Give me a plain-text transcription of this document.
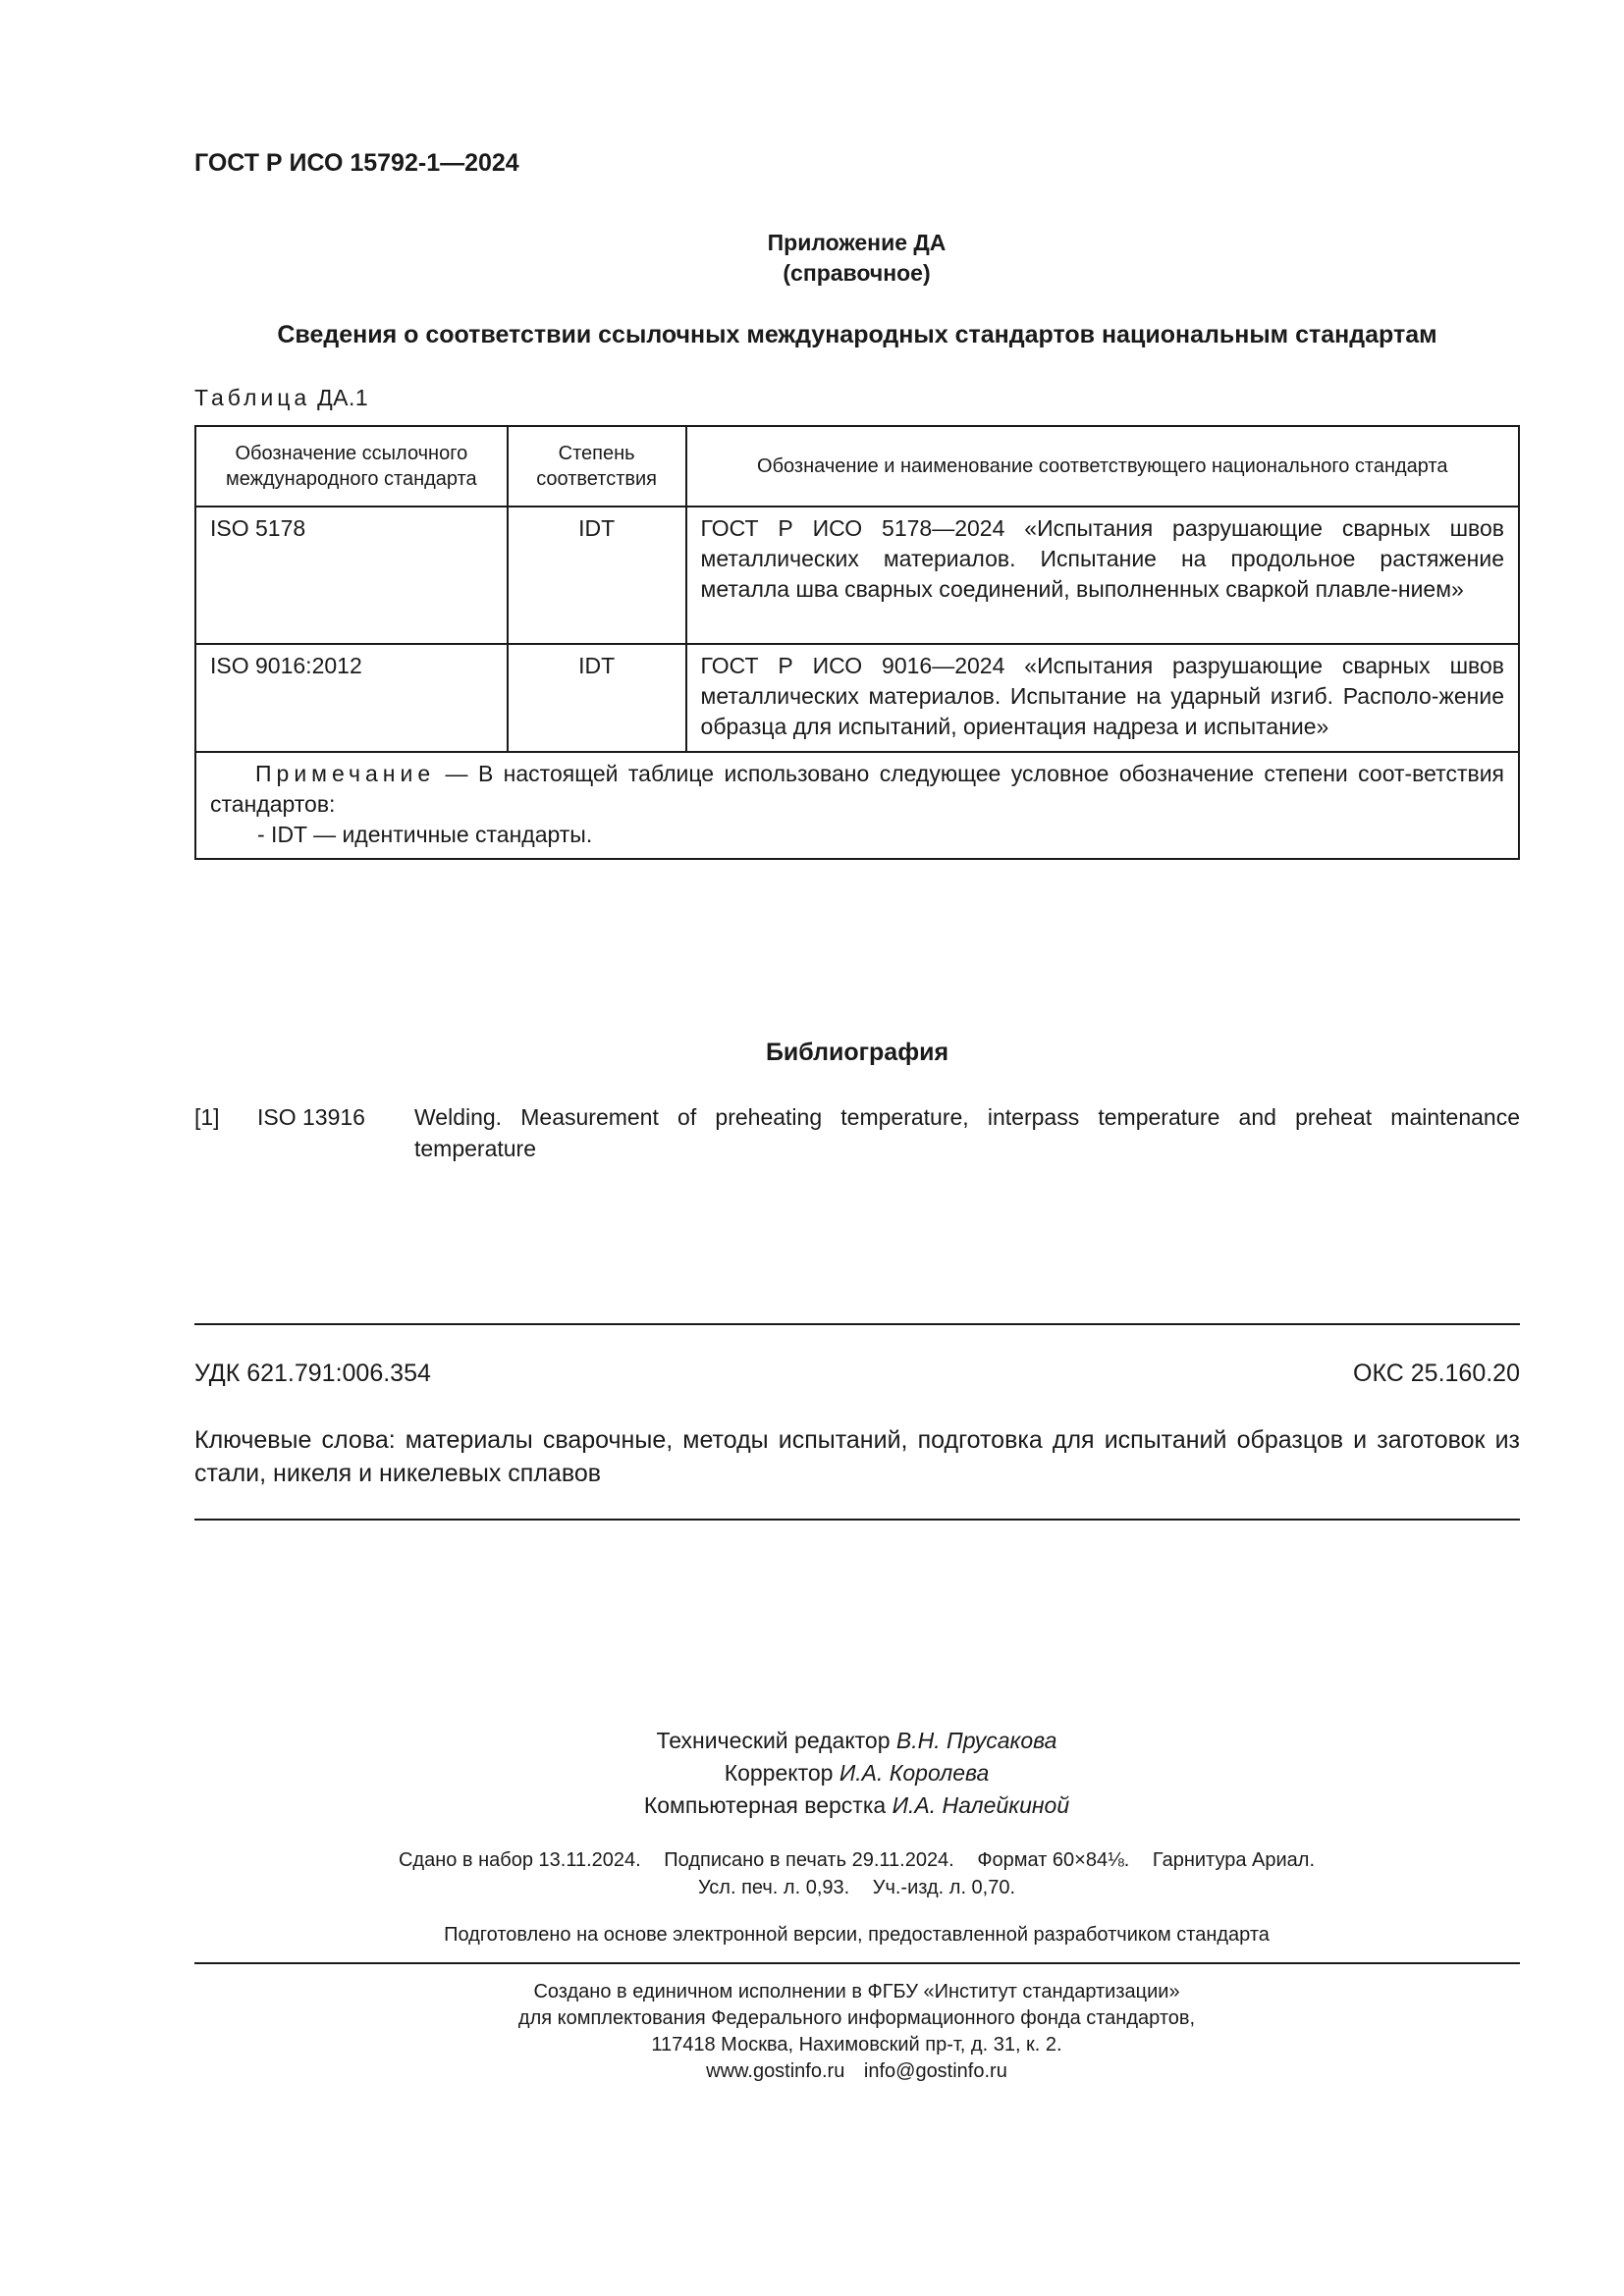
ГОСТ Р ИСО 15792-1—2024
Приложение ДА
(справочное)
Сведения о соответствии ссылочных международных стандартов национальным стандартам
Таблица ДА.1
Обозначение ссылочного международного стандарта	Степень соответствия	Обозначение и наименование соответствующего национального стандарта
ISO 5178	IDT	ГОСТ Р ИСО 5178—2024 «Испытания разрушающие сварных швов металлических материалов. Испытание на продольное растяжение металла шва сварных соединений, выполненных сваркой плавле-нием»
ISO 9016:2012	IDT	ГОСТ Р ИСО 9016—2024 «Испытания разрушающие сварных швов металлических материалов. Испытание на ударный изгиб. Располо-жение образца для испытаний, ориентация надреза и испытание»

Примечание — В настоящей таблице использовано следующее условное обозначение степени соот-ветствия стандартов:
- IDT — идентичные стандарты.
Библиография
[1] ISO 13916 Welding. Measurement of preheating temperature, interpass temperature and preheat maintenance temperature
УДК 621.791:006.354	ОКС 25.160.20
Ключевые слова: материалы сварочные, методы испытаний, подготовка для испытаний образцов и заготовок из стали, никеля и никелевых сплавов
Технический редактор В.Н. Прусакова
Корректор И.А. Королева
Компьютерная верстка И.А. Налейкиной
Сдано в набор 13.11.2024. Подписано в печать 29.11.2024. Формат 60×84⅛. Гарнитура Ариал.
Усл. печ. л. 0,93. Уч.-изд. л. 0,70.
Подготовлено на основе электронной версии, предоставленной разработчиком стандарта
Создано в единичном исполнении в ФГБУ «Институт стандартизации»
для комплектования Федерального информационного фонда стандартов,
117418 Москва, Нахимовский пр-т, д. 31, к. 2.
www.gostinfo.ru info@gostinfo.ru
